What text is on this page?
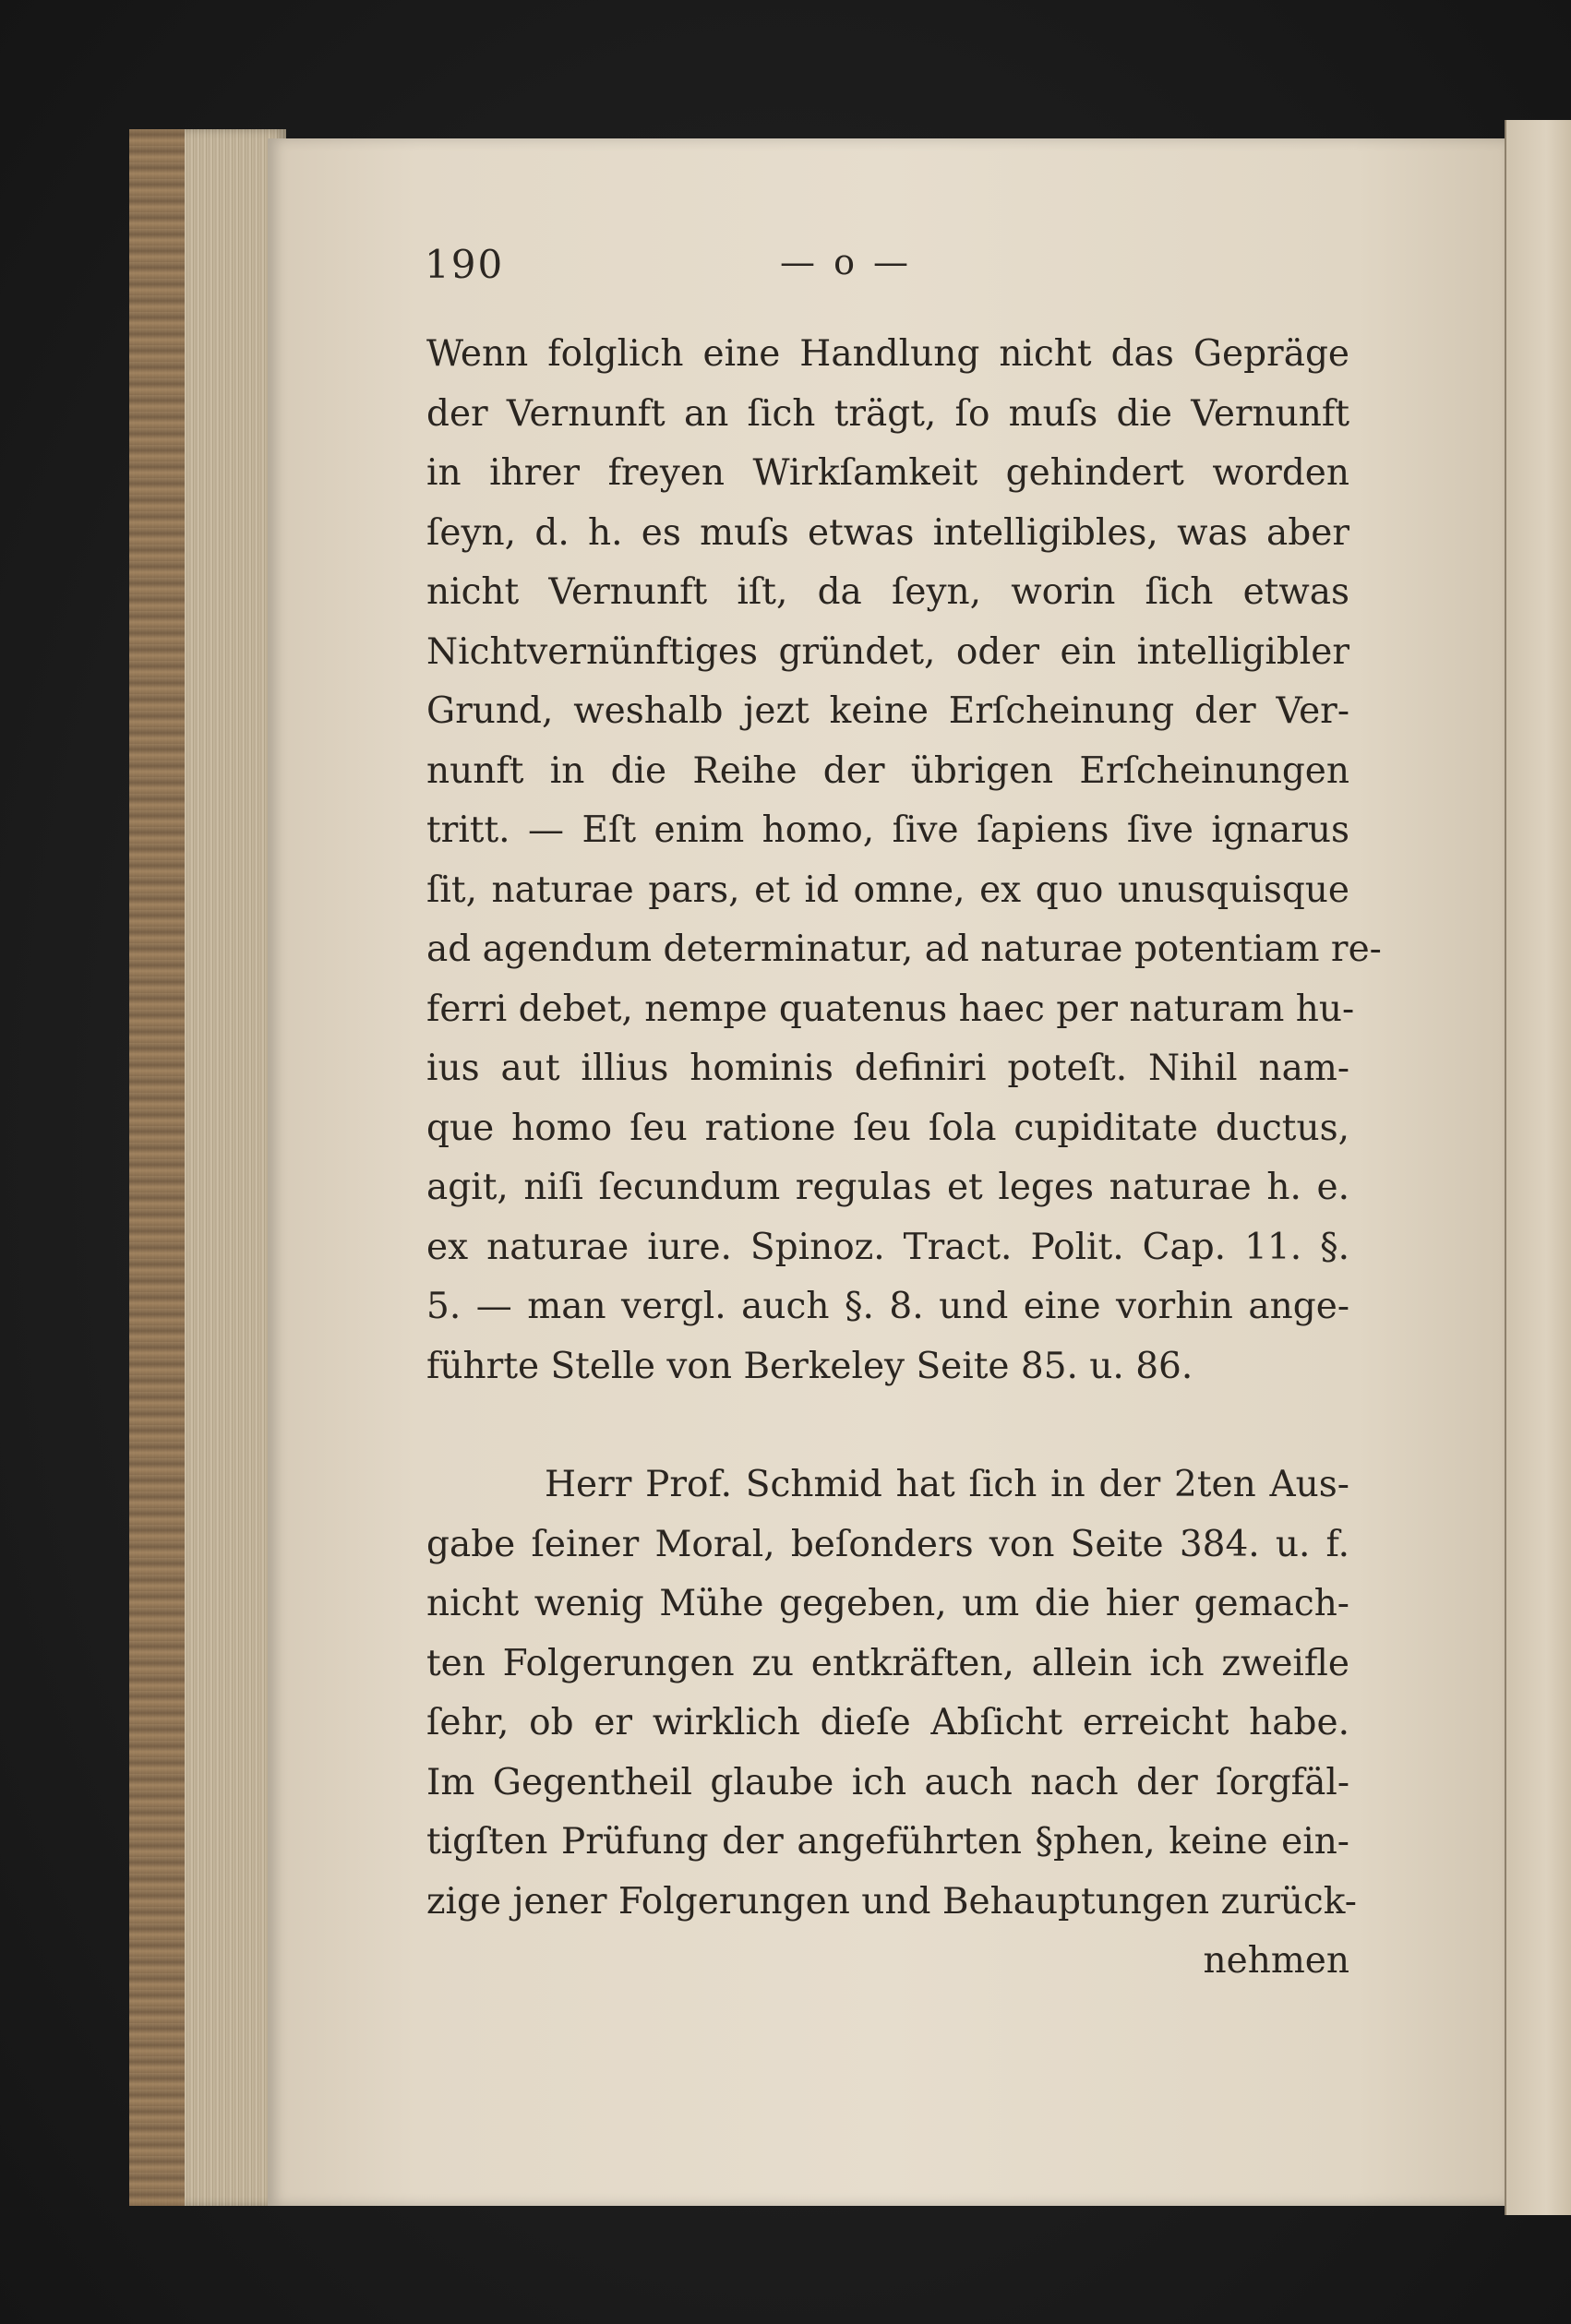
190	— o —
Wenn folglich eine Handlung nicht das Gepräge
der Vernunft an ſich trägt, ſo muſs die Vernunft
in ihrer freyen Wirkſamkeit gehindert worden
ſeyn, d. h. es muſs etwas intelligibles, was aber
nicht Vernunft iſt, da ſeyn, worin ſich etwas
Nichtvernünftiges gründet, oder ein intelligibler
Grund, weshalb jezt keine Erſcheinung der Ver-
nunft in die Reihe der übrigen Erſcheinungen
tritt. — Eſt enim homo, ſive ſapiens ſive ignarus
ſit, naturae pars, et id omne, ex quo unusquisque
ad agendum determinatur, ad naturae potentiam re-
ferri debet, nempe quatenus haec per naturam hu-
ius aut illius hominis definiri poteſt. Nihil nam-
que homo ſeu ratione ſeu ſola cupiditate ductus,
agit, niſi ſecundum regulas et leges naturae h. e.
ex naturae iure. Spinoz. Tract. Polit. Cap. 11. §.
5. — man vergl. auch §. 8. und eine vorhin ange-
führte Stelle von Berkeley Seite 85. u. 86.
Herr Prof. Schmid hat ſich in der 2ten Aus-
gabe ſeiner Moral, beſonders von Seite 384. u. f.
nicht wenig Mühe gegeben, um die hier gemach-
ten Folgerungen zu entkräften, allein ich zweifle
ſehr, ob er wirklich dieſe Abſicht erreicht habe.
Im Gegentheil glaube ich auch nach der ſorgfäl-
tigſten Prüfung der angeführten §phen, keine ein-
zige jener Folgerungen und Behauptungen zurück-
nehmen
